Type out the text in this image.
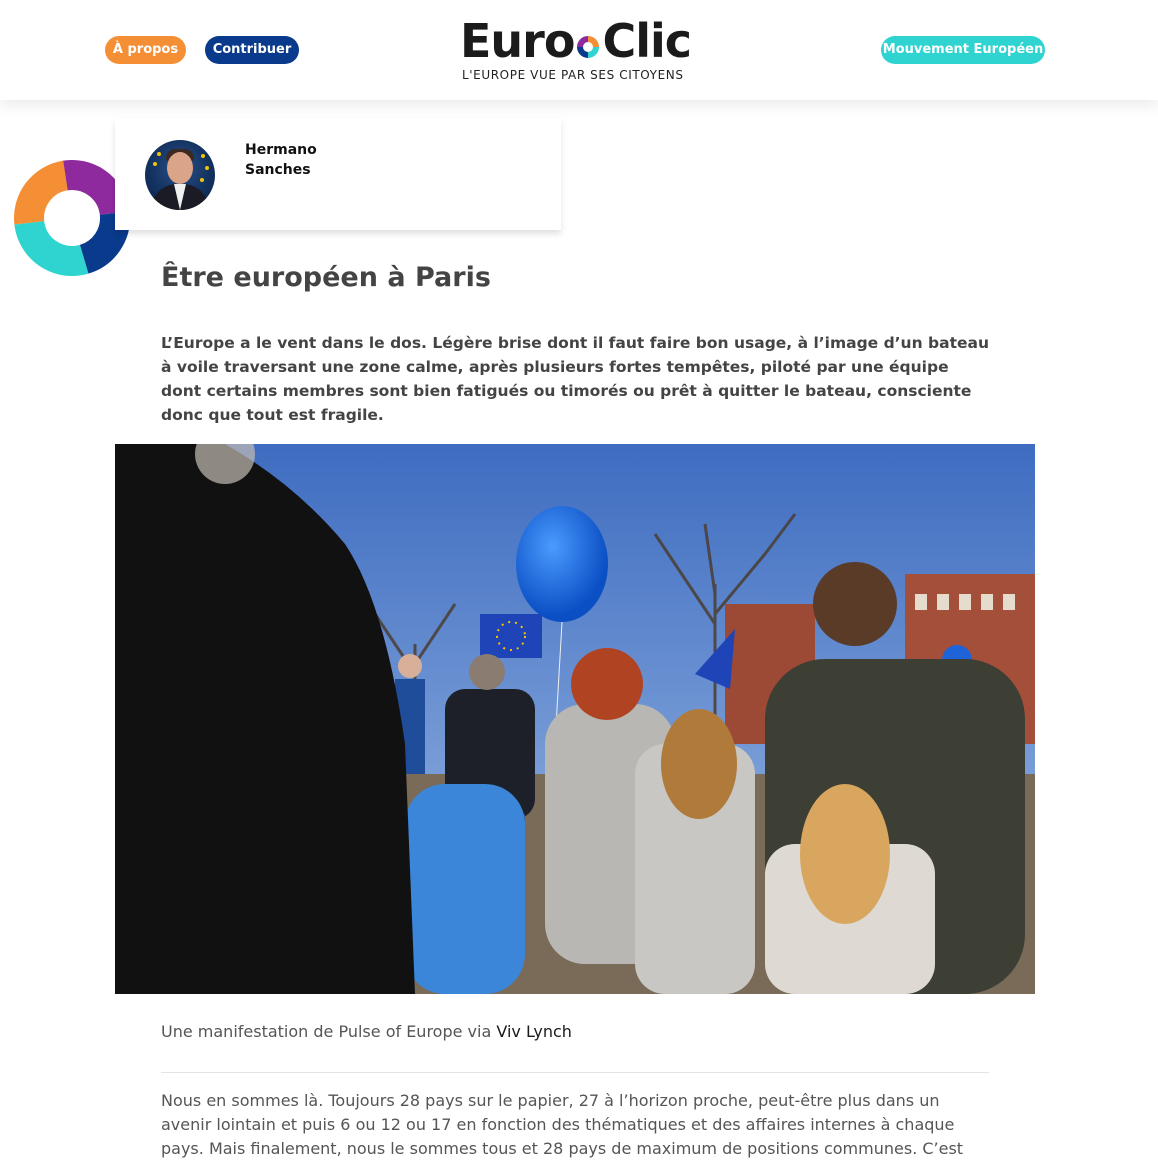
À propos	Contribuer	Euro Clic
L'EUROPE VUE PAR SES CITOYENS
Mouvement Européen
Hermano
Sanches
Être européen à Paris

L’Europe a le vent dans le dos. Légère brise dont il faut faire bon usage, à l’image d’un bateau à voile traversant une zone calme, après plusieurs fortes tempêtes, piloté par une équipe dont certains membres sont bien fatigués ou timorés ou prêt à quitter le bateau, consciente donc que tout est fragile.

Une manifestation de Pulse of Europe via Viv Lynch

Nous en sommes là. Toujours 28 pays sur le papier, 27 à l’horizon proche, peut-être plus dans un avenir lointain et puis 6 ou 12 ou 17 en fonction des thématiques et des affaires internes à chaque pays. Mais finalement, nous le sommes tous et 28 pays de maximum de positions communes. C’est
